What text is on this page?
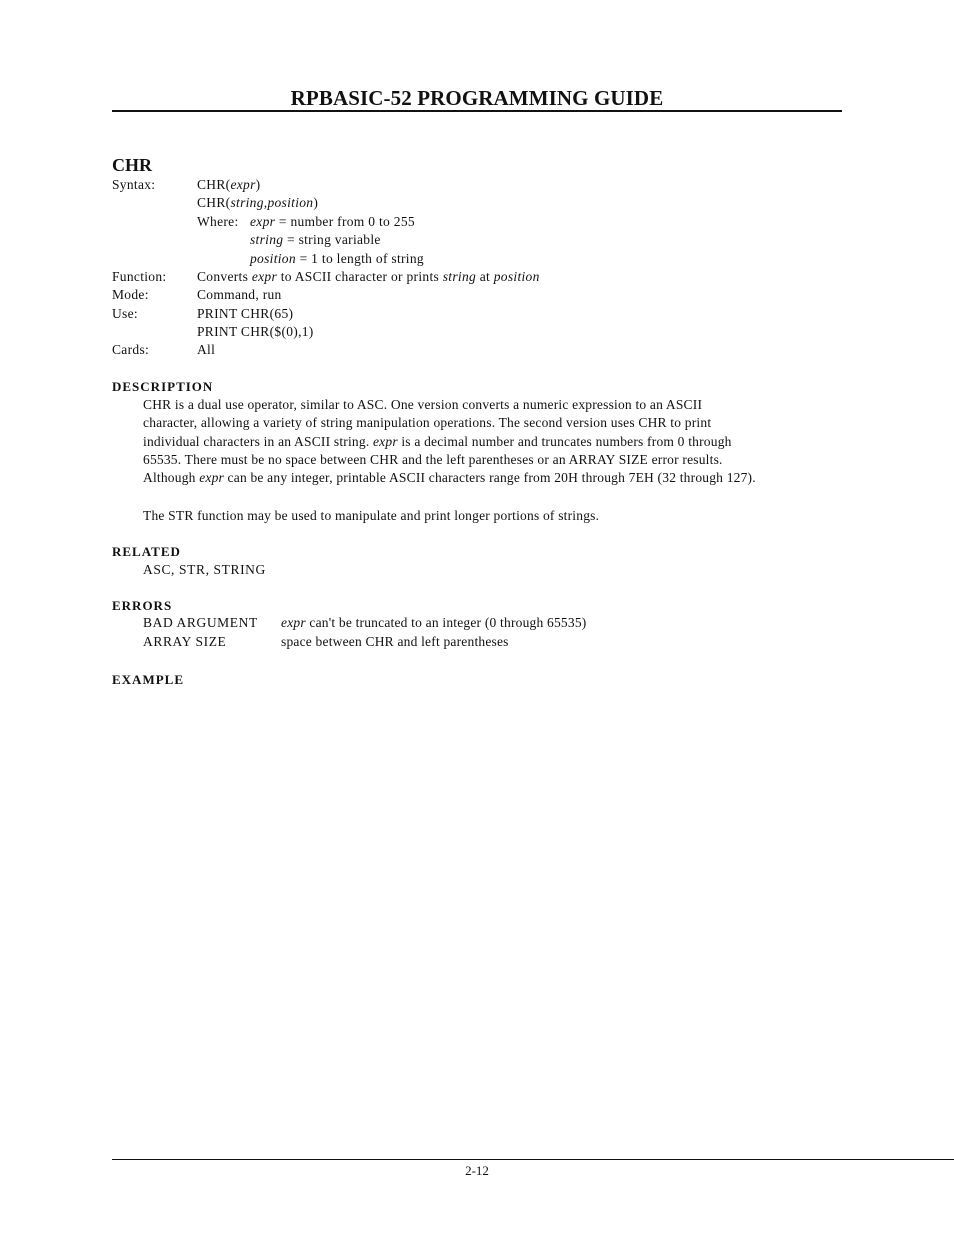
RPBASIC-52 PROGRAMMING GUIDE
CHR
Syntax:	CHR(expr)
CHR(string,position)
Where: expr = number from 0 to 255
string = string variable
position = 1 to length of string
Function: Converts expr to ASCII character or prints string at position
Mode:	Command, run
Use:	PRINT CHR(65)
PRINT CHR($(0),1)
Cards:	All
DESCRIPTION
CHR is a dual use operator, similar to ASC. One version converts a numeric expression to an ASCII
character, allowing a variety of string manipulation operations. The second version uses CHR to print
individual characters in an ASCII string. expr is a decimal number and truncates numbers from 0 through
65535. There must be no space between CHR and the left parentheses or an ARRAY SIZE error results.
Although expr can be any integer, printable ASCII characters range from 20H through 7EH (32 through 127).
The STR function may be used to manipulate and print longer portions of strings.
RELATED
ASC, STR, STRING
ERRORS
BAD ARGUMENT expr can't be truncated to an integer (0 through 65535)
ARRAY SIZE	space between CHR and left parentheses
EXAMPLE
2-12
